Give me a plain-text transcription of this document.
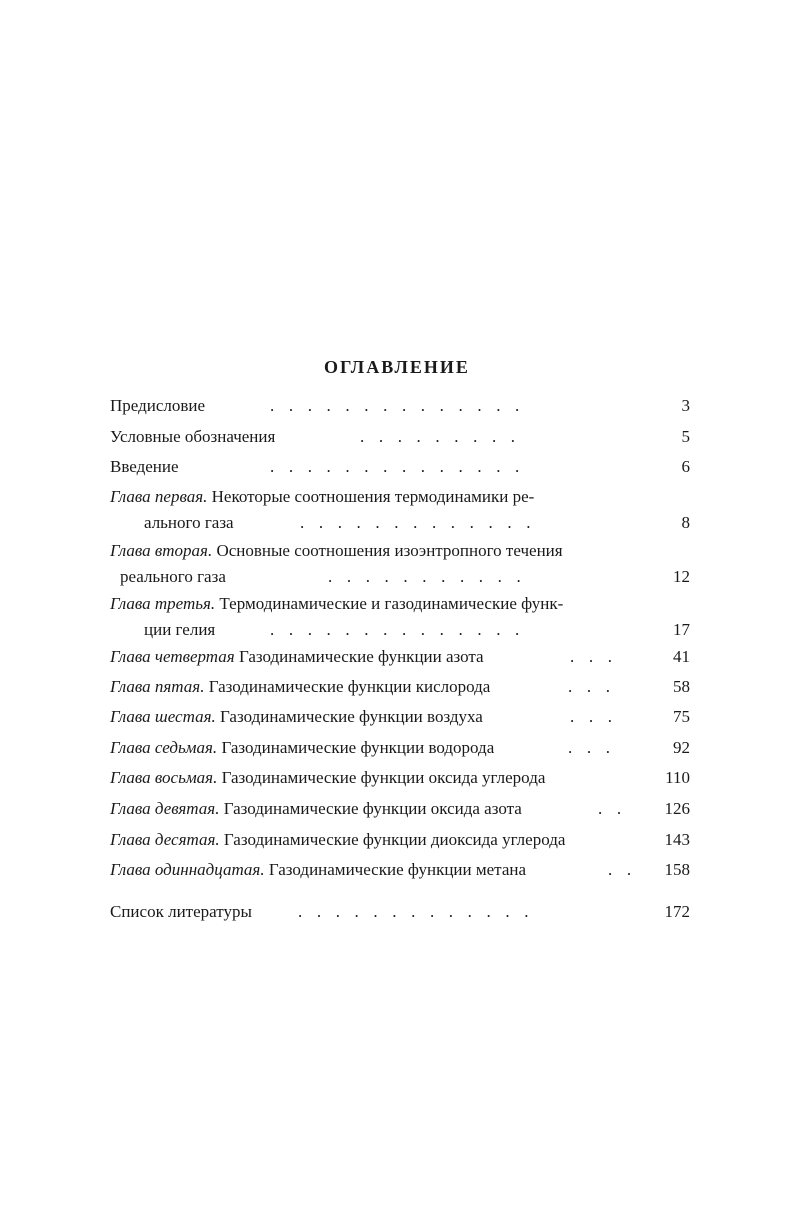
ОГЛАВЛЕНИЕ
Предисловие	..............	3
Условные обозначения	.........	5
Введение	..............	6
Глава первая. Некоторые соотношения термодинамики ре-
ального газа	.............	8
Глава вторая. Основные соотношения изоэнтропного течения
реального газа	...........	12
Глава третья. Термодинамические и газодинамические функ-
ции гелия	..............	17
Глава четвертая Газодинамические функции азота	...	41
Глава пятая. Газодинамические функции кислорода	...	58
Глава шестая. Газодинамические функции воздуха	...	75
Глава седьмая. Газодинамические функции водорода	...	92
Глава восьмая. Газодинамические функции оксида углерода	110
Глава девятая. Газодинамические функции оксида азота	.. 126
Глава десятая. Газодинамические функции диоксида углерода	143
Глава одиннадцатая. Газодинамические функции метана	.. 158
Список литературы	.............	172
